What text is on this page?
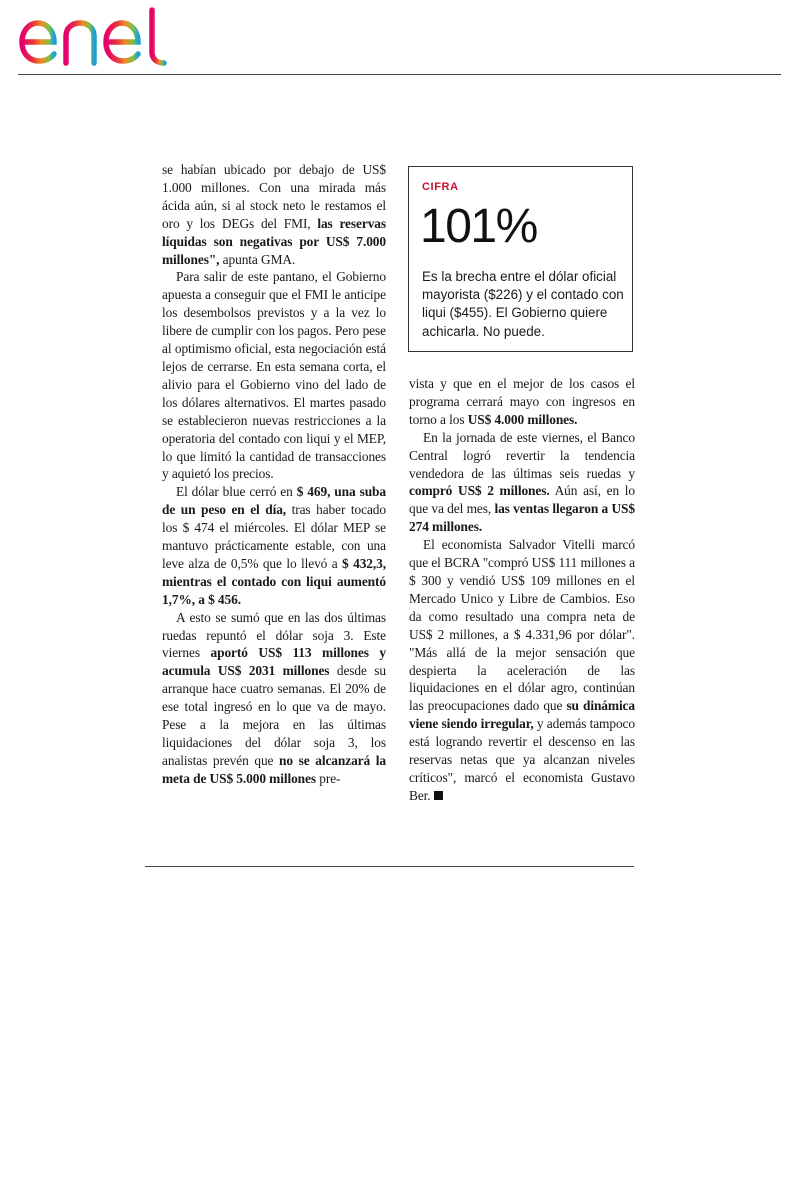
se habían ubicado por debajo de US$ 1.000 millones. Con una mirada más ácida aún, si al stock neto le restamos el oro y los DEGs del FMI, las reservas líquidas son negativas por US$ 7.000 millones", apunta GMA.

Para salir de este pantano, el Gobierno apuesta a conseguir que el FMI le anticipe los desembolsos previstos y a la vez lo libere de cumplir con los pagos. Pero pese al optimismo oficial, esta negociación está lejos de cerrarse. En esta semana corta, el alivio para el Gobierno vino del lado de los dólares alternativos. El martes pasado se establecieron nuevas restricciones a la operatoria del contado con liqui y el MEP, lo que limitó la cantidad de transacciones y aquietó los precios.

El dólar blue cerró en $ 469, una suba de un peso en el día, tras haber tocado los $ 474 el miércoles. El dólar MEP se mantuvo prácticamente estable, con una leve alza de 0,5% que lo llevó a $ 432,3, mientras el contado con liqui aumentó 1,7%, a $ 456.

A esto se sumó que en las dos últimas ruedas repuntó el dólar soja 3. Este viernes aportó US$ 113 millones y acumula US$ 2031 millones desde su arranque hace cuatro semanas. El 20% de ese total ingresó en lo que va de mayo. Pese a la mejora en las últimas liquidaciones del dólar soja 3, los analistas prevén que no se alcanzará la meta de US$ 5.000 millones pre-

CIFRA
101%
Es la brecha entre el dólar oficial mayorista ($226) y el contado con liqui ($455). El Gobierno quiere achicarla. No puede.

vista y que en el mejor de los casos el programa cerrará mayo con ingresos en torno a los US$ 4.000 millones.

En la jornada de este viernes, el Banco Central logró revertir la tendencia vendedora de las últimas seis ruedas y compró US$ 2 millones. Aún así, en lo que va del mes, las ventas llegaron a US$ 274 millones.

El economista Salvador Vitelli marcó que el BCRA "compró US$ 111 millones a $ 300 y vendió US$ 109 millones en el Mercado Unico y Libre de Cambios. Eso da como resultado una compra neta de US$ 2 millones, a $ 4.331,96 por dólar". "Más allá de la mejor sensación que despierta la aceleración de las liquidaciones en el dólar agro, continúan las preocupaciones dado que su dinámica viene siendo irregular, y además tampoco está logrando revertir el descenso en las reservas netas que ya alcanzan niveles críticos", marcó el economista Gustavo Ber.
